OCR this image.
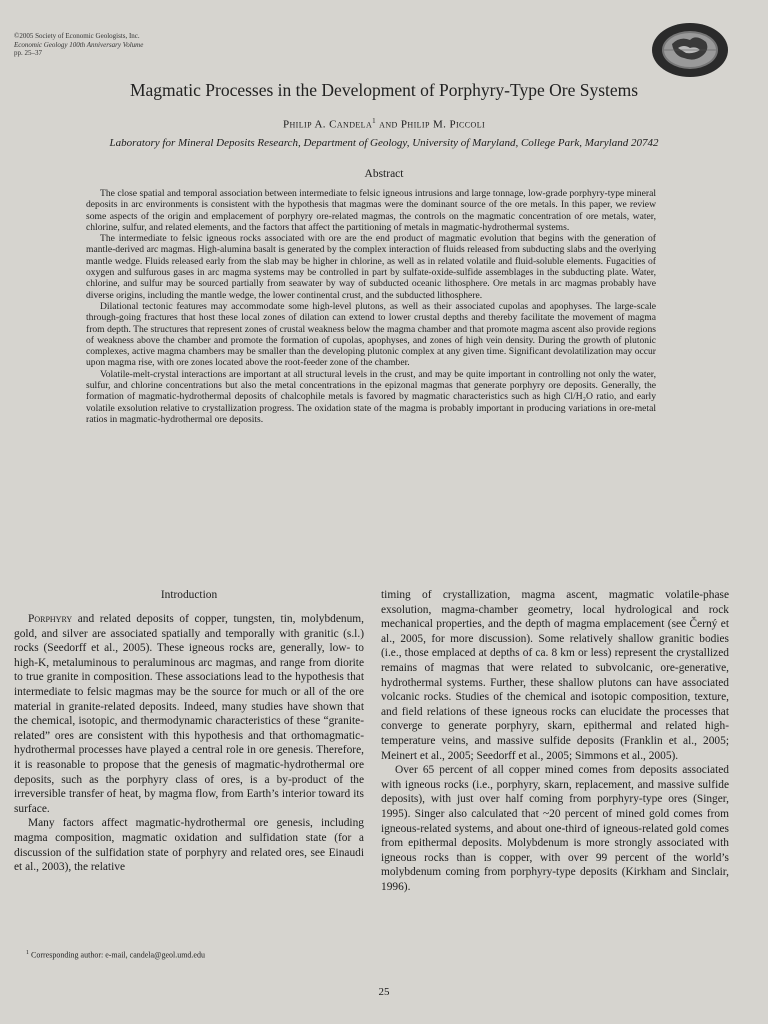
©2005 Society of Economic Geologists, Inc.
Economic Geology 100th Anniversary Volume
pp. 25–37
Magmatic Processes in the Development of Porphyry-Type Ore Systems
Philip A. Candela$^1$ and Philip M. Piccoli
Laboratory for Mineral Deposits Research, Department of Geology, University of Maryland, College Park, Maryland 20742
Abstract

The close spatial and temporal association between intermediate to felsic igneous intrusions and large tonnage, low-grade porphyry-type mineral deposits in arc environments is consistent with the hypothesis that magmas were the dominant source of the ore metals. In this paper, we review some aspects of the origin and emplacement of porphyry ore-related magmas, the controls on the magmatic concentration of ore metals, water, chlorine, sulfur, and related elements, and the factors that affect the partitioning of metals in magmatic-hydrothermal systems.

The intermediate to felsic igneous rocks associated with ore are the end product of magmatic evolution that begins with the generation of mantle-derived arc magmas. High-alumina basalt is generated by the complex interaction of fluids released from subducting slabs and the overlying mantle wedge. Fluids released early from the slab may be higher in chlorine, as well as in related volatile and fluid-soluble elements. Fugacities of oxygen and sulfurous gases in arc magma systems may be controlled in part by sulfate-oxide-sulfide assemblages in the subducting plate. Water, chlorine, and sulfur may be sourced partially from seawater by way of subducted oceanic lithosphere. Ore metals in arc magmas probably have diverse origins, including the mantle wedge, the lower continental crust, and the subducted lithosphere.

Dilational tectonic features may accommodate some high-level plutons, as well as their associated cupolas and apophyses. The large-scale through-going fractures that host these local zones of dilation can extend to lower crustal depths and thereby facilitate the movement of magma from depth. The structures that represent zones of crustal weakness below the magma chamber and that promote magma ascent also provide regions of weakness above the chamber and promote the formation of cupolas, apophyses, and zones of high vein density. During the growth of plutonic complexes, active magma chambers may be smaller than the developing plutonic complex at any given time. Significant devolatilization may occur upon magma rise, with ore zones located above the root-feeder zone of the chamber.

Volatile-melt-crystal interactions are important at all structural levels in the crust, and may be quite important in controlling not only the water, sulfur, and chlorine concentrations but also the metal concentrations in the epizonal magmas that generate porphyry ore deposits. Generally, the formation of magmatic-hydrothermal deposits of chalcophile metals is favored by magmatic characteristics such as high Cl/H₂O ratio, and early volatile exsolution relative to crystallization progress. The oxidation state of the magma is probably important in producing variations in ore-metal ratios in magmatic-hydrothermal ore deposits.

Introduction

Porphyry and related deposits of copper, tungsten, tin, molybdenum, gold, and silver are associated spatially and temporally with granitic (s.l.) rocks (Seedorff et al., 2005). These igneous rocks are, generally, low- to high-K, metaluminous to peraluminous arc magmas, and range from diorite to true granite in composition. These associations lead to the hypothesis that intermediate to felsic magmas may be the source for much or all of the ore material in granite-related deposits. Indeed, many studies have shown that the chemical, isotopic, and thermodynamic characteristics of these “granite-related” ores are consistent with this hypothesis and that orthomagmatic-hydrothermal processes have played a central role in ore genesis. Therefore, it is reasonable to propose that the genesis of magmatic-hydrothermal ore deposits, such as the porphyry class of ores, is a by-product of the irreversible transfer of heat, by magma flow, from Earth’s interior toward its surface.

Many factors affect magmatic-hydrothermal ore genesis, including magma composition, magmatic oxidation and sulfidation state (for a discussion of the sulfidation state of porphyry and related ores, see Einaudi et al., 2003), the relative

timing of crystallization, magma ascent, magmatic volatile-phase exsolution, magma-chamber geometry, local hydrological and rock mechanical properties, and the depth of magma emplacement (see Černý et al., 2005, for more discussion). Some relatively shallow granitic bodies (i.e., those emplaced at depths of ca. 8 km or less) represent the crystallized remains of magmas that were related to subvolcanic, ore-generative, hydrothermal systems. Further, these shallow plutons can have associated volcanic rocks. Studies of the chemical and isotopic composition, texture, and field relations of these igneous rocks can elucidate the processes that converge to generate porphyry, skarn, epithermal and related high-temperature veins, and massive sulfide deposits (Franklin et al., 2005; Meinert et al., 2005; Seedorff et al., 2005; Simmons et al., 2005).

Over 65 percent of all copper mined comes from deposits associated with igneous rocks (i.e., porphyry, skarn, replacement, and massive sulfide deposits), with just over half coming from porphyry-type ores (Singer, 1995). Singer also calculated that ~20 percent of mined gold comes from igneous-related systems, and about one-third of igneous-related gold comes from epithermal deposits. Molybdenum is more strongly associated with igneous rocks than is copper, with over 99 percent of the world’s molybdenum coming from porphyry-type deposits (Kirkham and Sinclair, 1996).

$^1$ Corresponding author: e-mail, candela@geol.umd.edu
25
